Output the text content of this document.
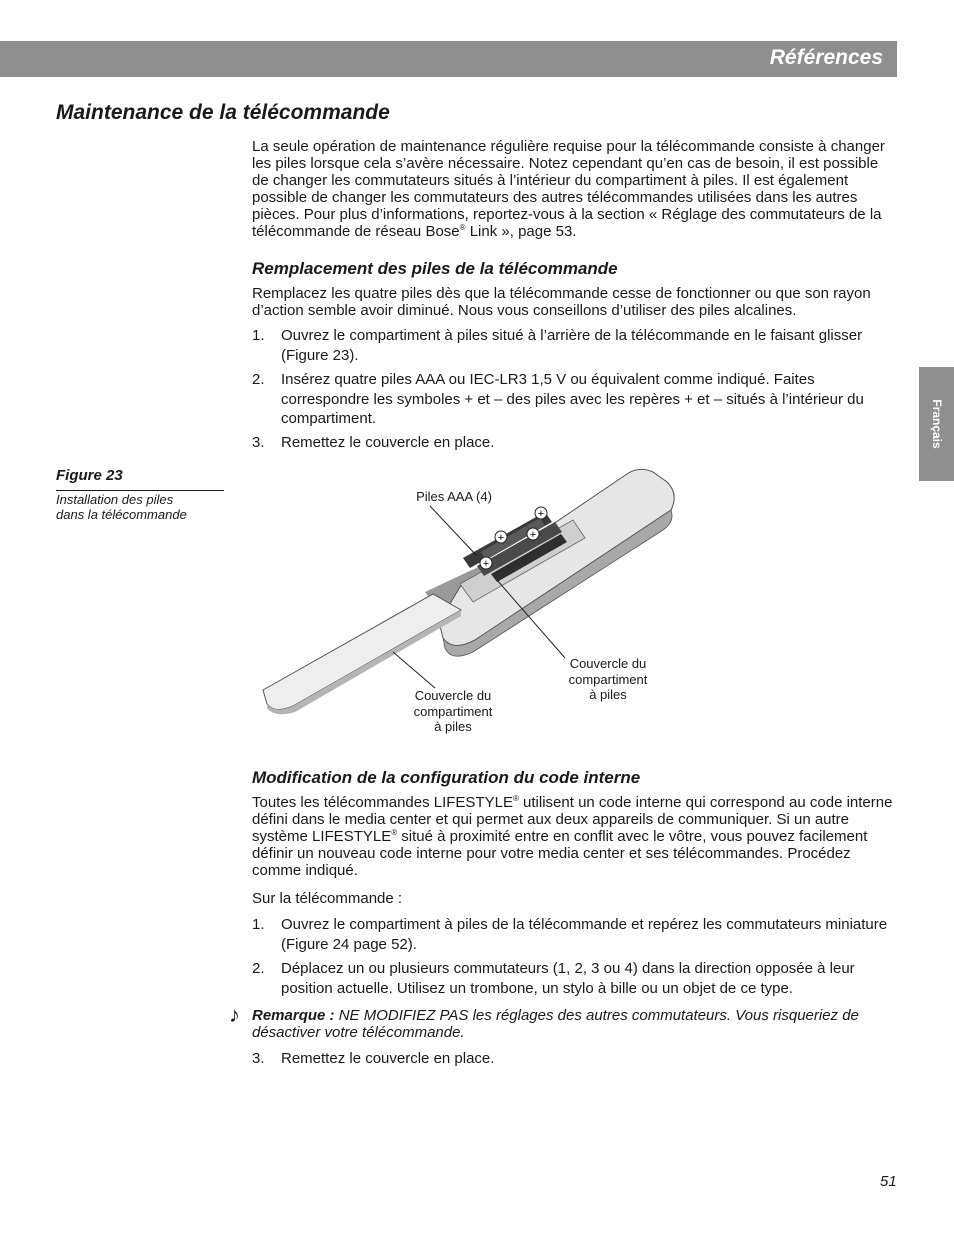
Références
Français
Maintenance de la télécommande

La seule opération de maintenance régulière requise pour la télécommande consiste à changer les piles lorsque cela s’avère nécessaire. Notez cependant qu’en cas de besoin, il est possible de changer les commutateurs situés à l’intérieur du compartiment à piles. Il est également possible de changer les commutateurs des autres télécommandes utilisées dans les autres pièces. Pour plus d’informations, reportez-vous à la section « Réglage des commutateurs de la télécommande de réseau Bose® Link », page 53.

Remplacement des piles de la télécommande

Remplacez les quatre piles dès que la télécommande cesse de fonctionner ou que son rayon d’action semble avoir diminué. Nous vous conseillons d’utiliser des piles alcalines.

1. Ouvrez le compartiment à piles situé à l’arrière de la télécommande en le faisant glisser (Figure 23).
2. Insérez quatre piles AAA ou IEC-LR3 1,5 V ou équivalent comme indiqué. Faites correspondre les symboles + et – des piles avec les repères + et – situés à l’intérieur du compartiment.
3. Remettez le couvercle en place.
Figure 23
Installation des piles
dans la télécommande	+
+ +
+
Piles AAA (4)
Couvercle du
compartiment
à piles
Couvercle du
compartiment
à piles
Modification de la configuration du code interne

Toutes les télécommandes LIFESTYLE® utilisent un code interne qui correspond au code interne défini dans le media center et qui permet aux deux appareils de communiquer. Si un autre système LIFESTYLE® situé à proximité entre en conflit avec le vôtre, vous pouvez facilement définir un nouveau code interne pour votre media center et ses télécommandes. Procédez comme indiqué.

Sur la télécommande :

1. Ouvrez le compartiment à piles de la télécommande et repérez les commutateurs miniature (Figure 24 page 52).
2. Déplacez un ou plusieurs commutateurs (1, 2, 3 ou 4) dans la direction opposée à leur position actuelle. Utilisez un trombone, un stylo à bille ou un objet de ce type.
♪ Remarque : NE MODIFIEZ PAS les réglages des autres commutateurs. Vous risqueriez de désactiver votre télécommande.
3. Remettez le couvercle en place.
51
